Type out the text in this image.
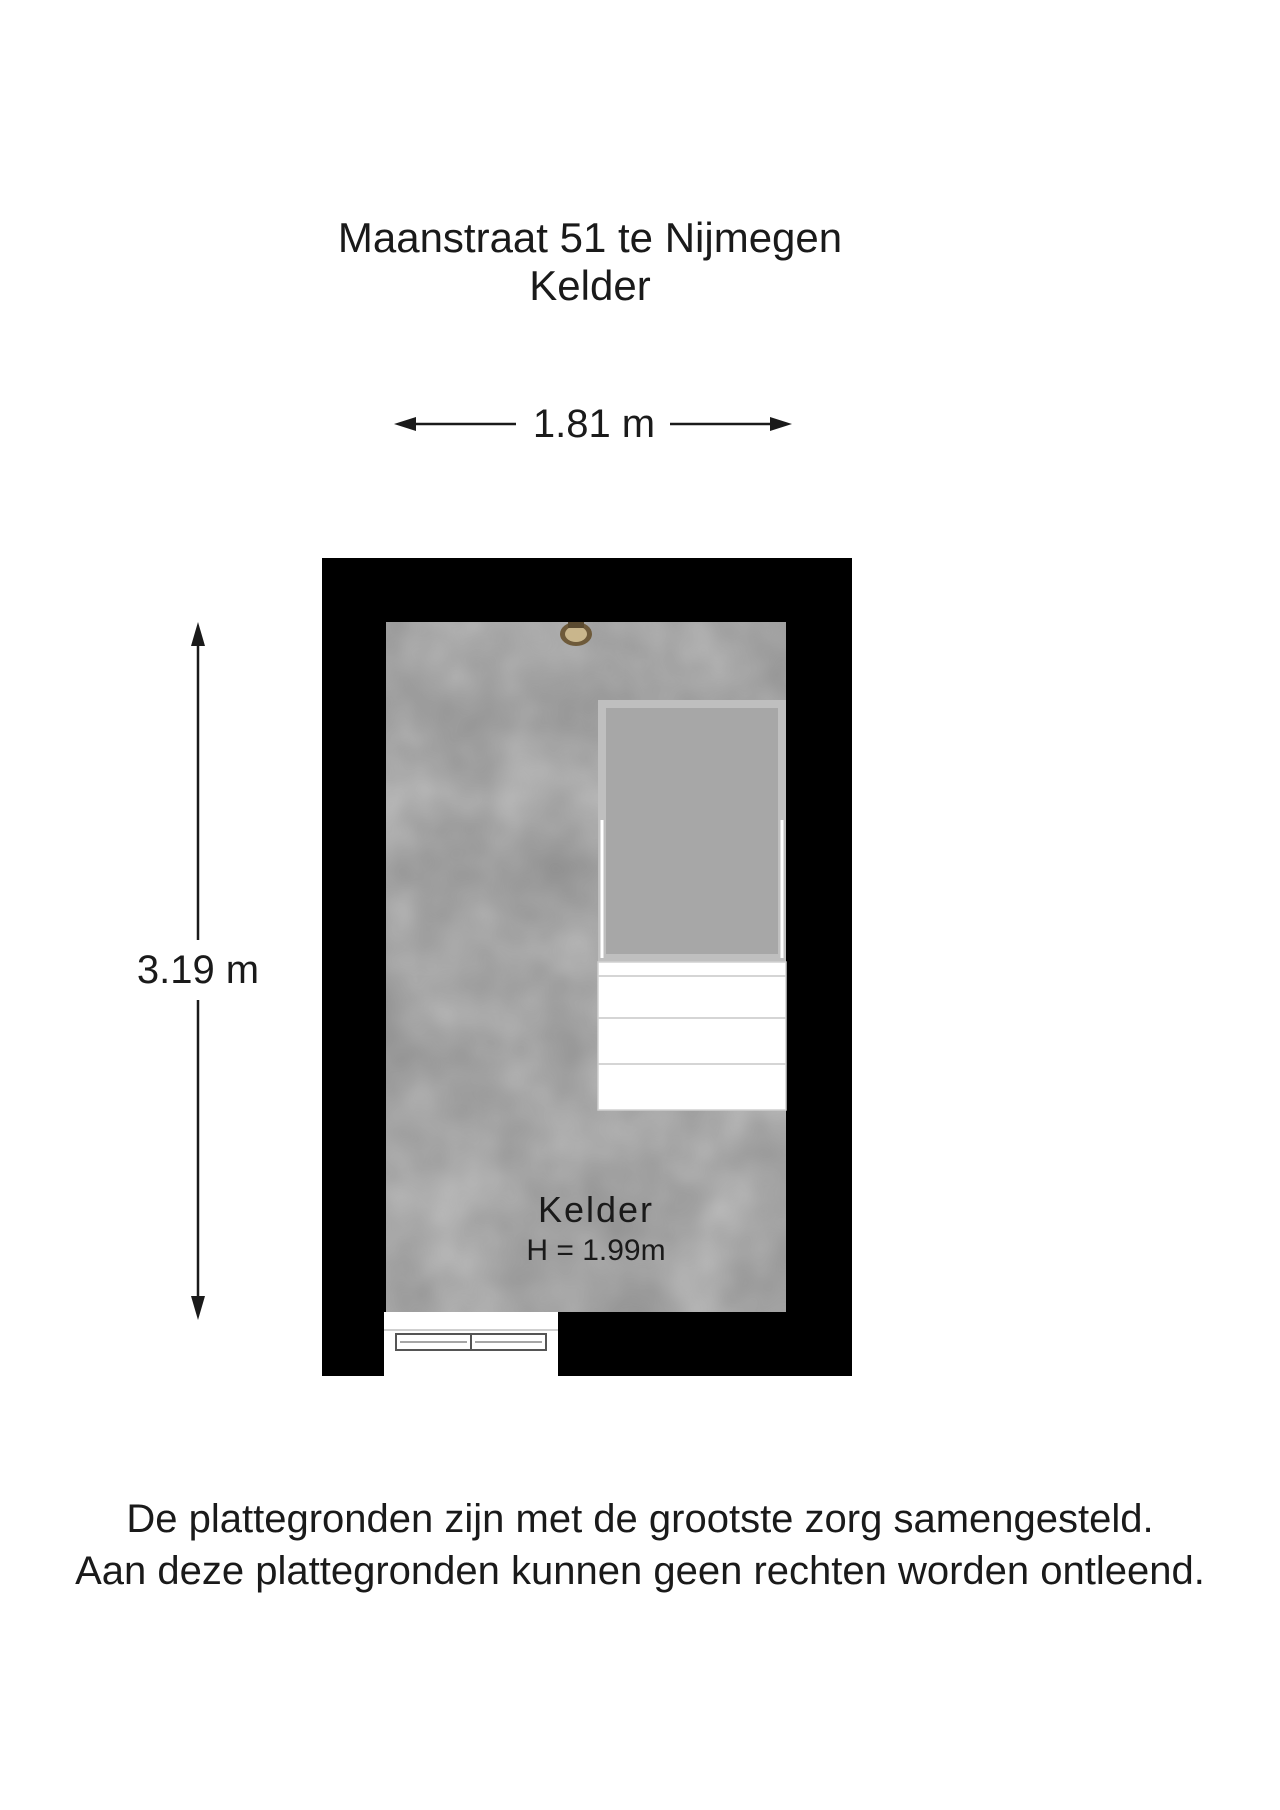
Maanstraat 51 te Nijmegen
Kelder
1.81 m
3.19 m
Kelder
H = 1.99m
De plattegronden zijn met de grootste zorg samengesteld.
Aan deze plattegronden kunnen geen rechten worden ontleend.
